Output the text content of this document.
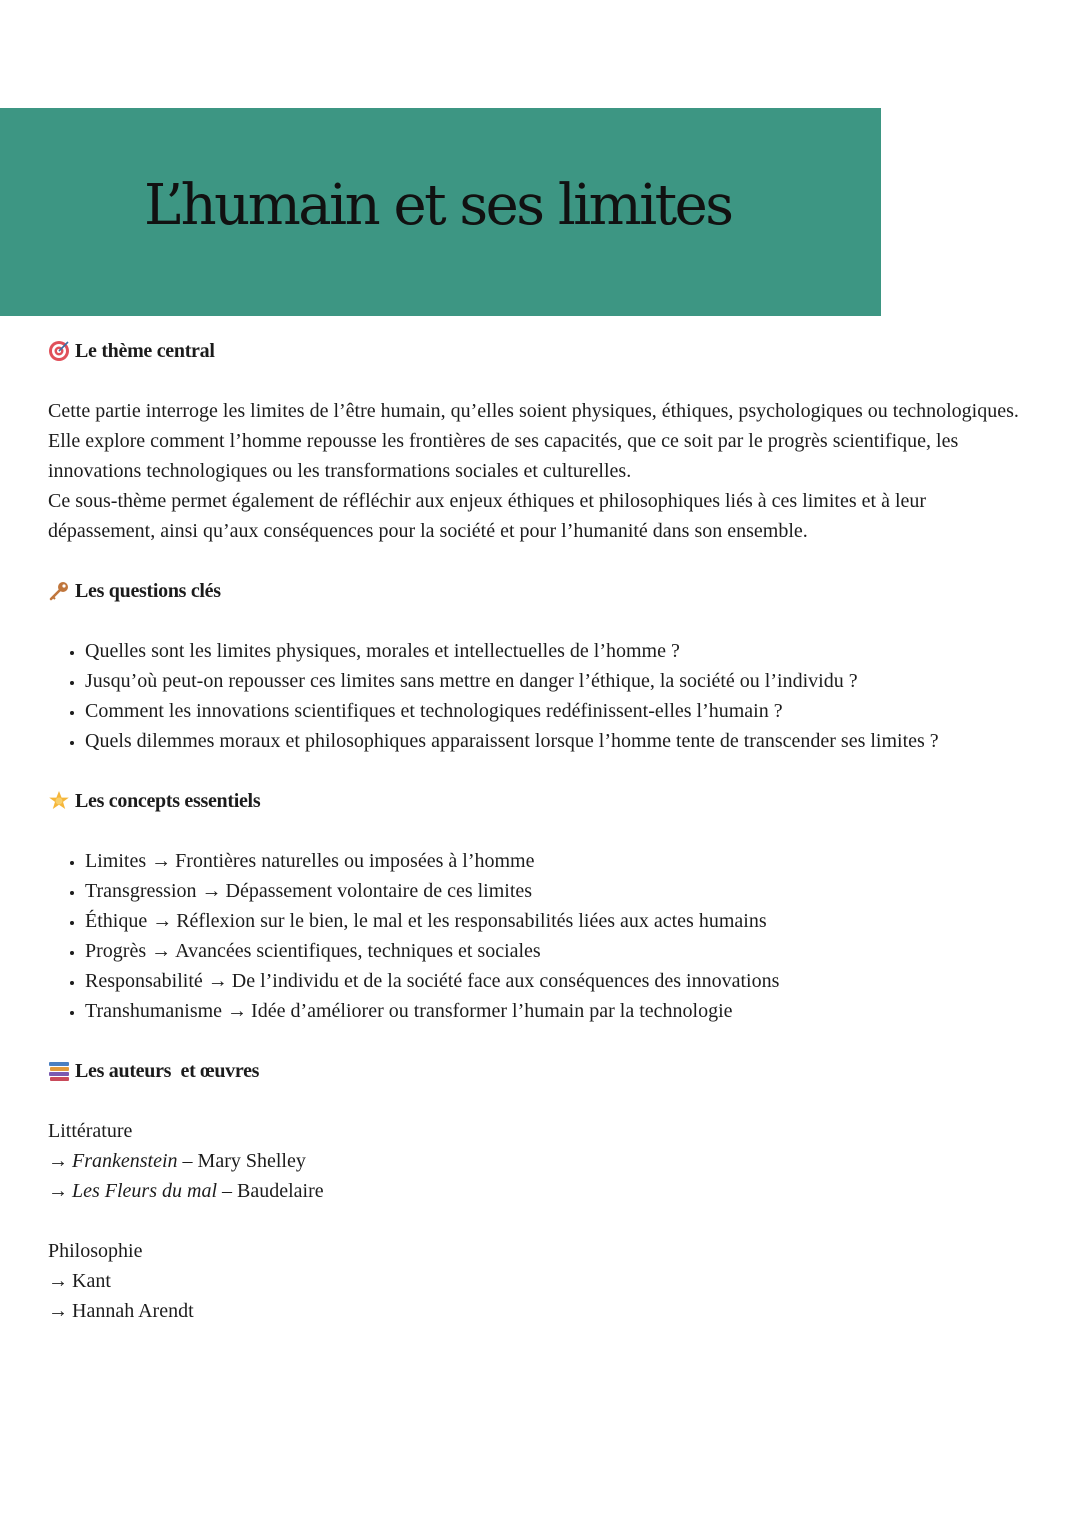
L’humain et ses limites
Le thème central

Cette partie interroge les limites de l’être humain, qu’elles soient physiques, éthiques, psychologiques ou technologiques. Elle explore comment l’homme repousse les frontières de ses capacités, que ce soit par le progrès scientifique, les innovations technologiques ou les transformations sociales et culturelles.

Ce sous-thème permet également de réfléchir aux enjeux éthiques et philosophiques liés à ces limites et à leur dépassement, ainsi qu’aux conséquences pour la société et pour l’humanité dans son ensemble.

Les questions clés
• Quelles sont les limites physiques, morales et intellectuelles de l’homme ?
• Jusqu’où peut-on repousser ces limites sans mettre en danger l’éthique, la société ou l’individu ?
• Comment les innovations scientifiques et technologiques redéfinissent-elles l’humain ?
• Quels dilemmes moraux et philosophiques apparaissent lorsque l’homme tente de transcender ses limites ?
Les concepts essentiels
• Limites → Frontières naturelles ou imposées à l’homme
• Transgression → Dépassement volontaire de ces limites
• Éthique → Réflexion sur le bien, le mal et les responsabilités liées aux actes humains
• Progrès → Avancées scientifiques, techniques et sociales
• Responsabilité → De l’individu et de la société face aux conséquences des innovations
• Transhumanisme → Idée d’améliorer ou transformer l’humain par la technologie
Les auteurs  et œuvres

Littérature

→ Frankenstein – Mary Shelley

→ Les Fleurs du mal – Baudelaire

Philosophie

→ Kant

→ Hannah Arendt
